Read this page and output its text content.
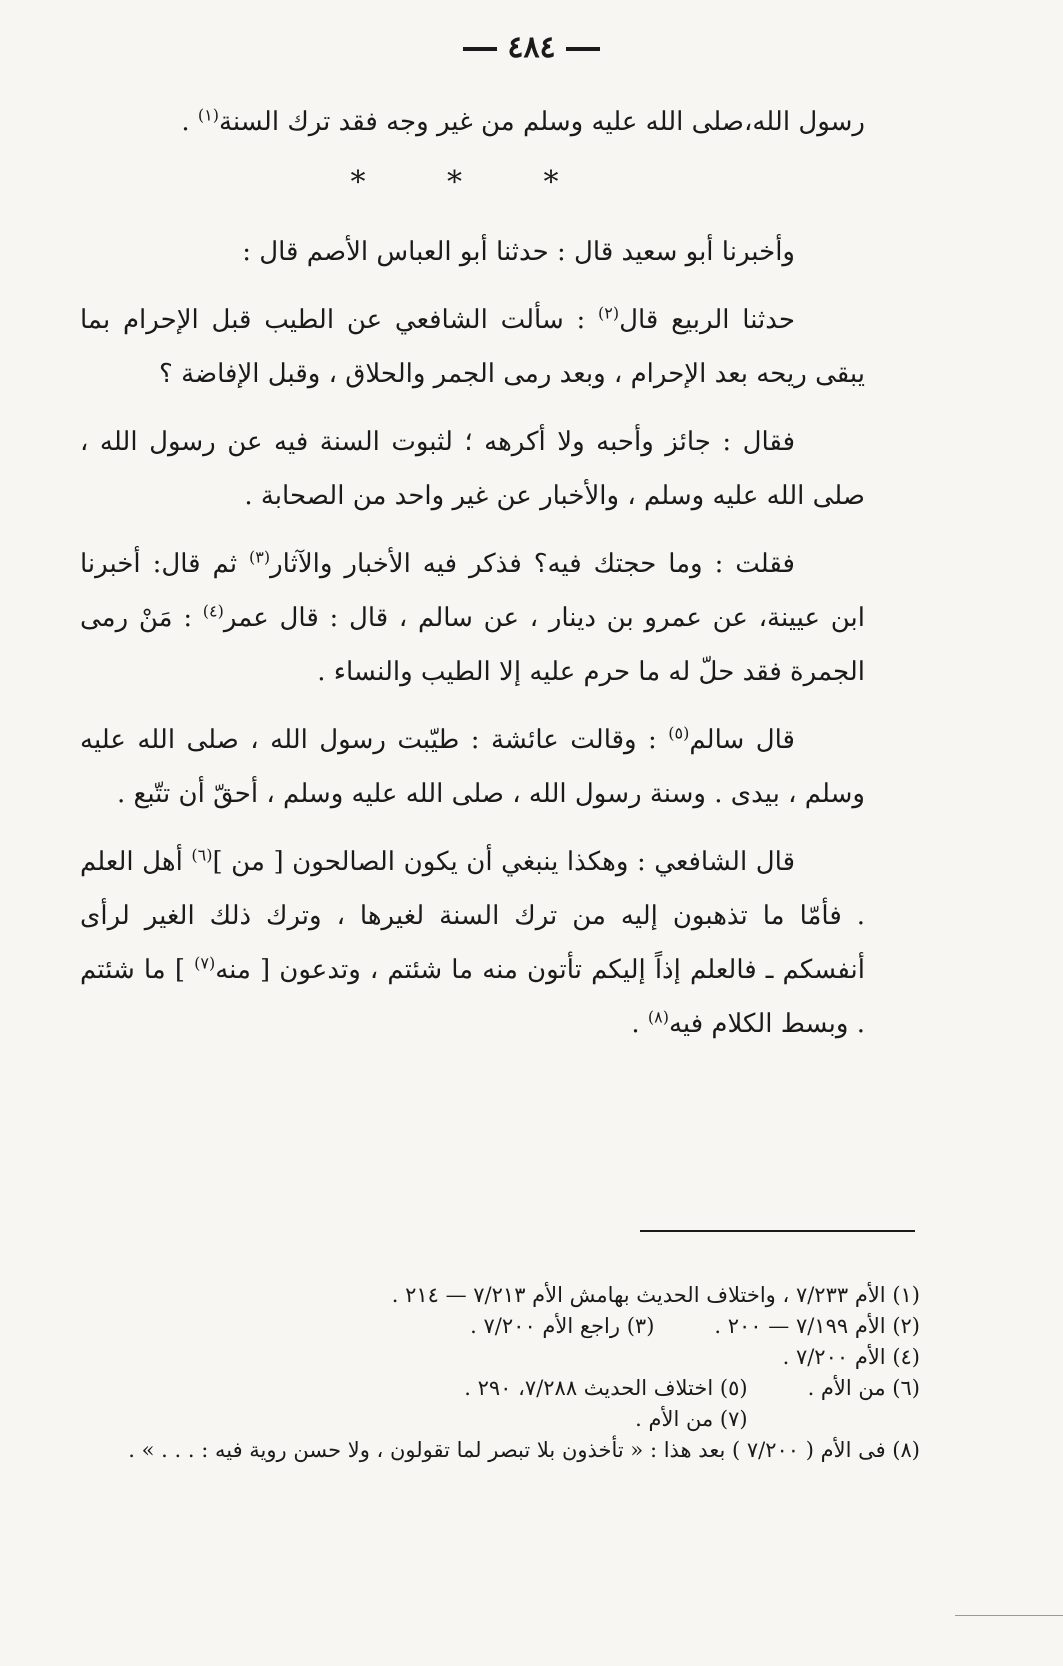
٤٨٤

رسول الله،صلى الله عليه وسلم من غير وجه فقد ترك السنة$^{(١)}$ .

* * *

وأخبرنا أبو سعيد قال : حدثنا أبو العباس الأصم قال :

حدثنا الربيع قال$^{(٢)}$ : سألت الشافعي عن الطيب قبل الإحرام بما يبقى ريحه بعد الإحرام ، وبعد رمى الجمر والحلاق ، وقبل الإفاضة ؟

فقال : جائز وأحبه ولا أكرهه ؛ لثبوت السنة فيه عن رسول الله ، صلى الله عليه وسلم ، والأخبار عن غير واحد من الصحابة .

فقلت : وما حجتك فيه؟ فذكر فيه الأخبار والآثار$^{(٣)}$ ثم قال: أخبرنا ابن عيينة، عن عمرو بن دينار ، عن سالم ، قال : قال عمر$^{(٤)}$ : مَنْ رمى الجمرة فقد حلّ له ما حرم عليه إلا الطيب والنساء .

قال سالم$^{(٥)}$ : وقالت عائشة : طيّبت رسول الله ، صلى الله عليه وسلم ، بيدى . وسنة رسول الله ، صلى الله عليه وسلم ، أحقّ أن تتّبع .

قال الشافعي : وهكذا ينبغي أن يكون الصالحون [ من ]$^{(٦)}$ أهل العلم . فأمّا ما تذهبون إليه من ترك السنة لغيرها ، وترك ذلك الغير لرأى أنفسكم ـ فالعلم إذاً إليكم تأتون منه ما شئتم ، وتدعون [ منه$^{(٧)}$ ] ما شئتم . وبسط الكلام فيه$^{(٨)}$ .

(١) الأم ٧/٢٣٣ ، واختلاف الحديث بهامش الأم ٧/٢١٣ — ٢١٤ .
(٢) الأم ٧/١٩٩ — ٢٠٠ .
(٣) راجع الأم ٧/٢٠٠ .
(٤) الأم ٧/٢٠٠ .
(٦) من الأم .
(٥) اختلاف الحديث ٧/٢٨٨، ٢٩٠ .
(٧) من الأم .
(٨) فى الأم ( ٧/٢٠٠ ) بعد هذا : « تأخذون بلا تبصر لما تقولون ، ولا حسن روية فيه : . . . » .
